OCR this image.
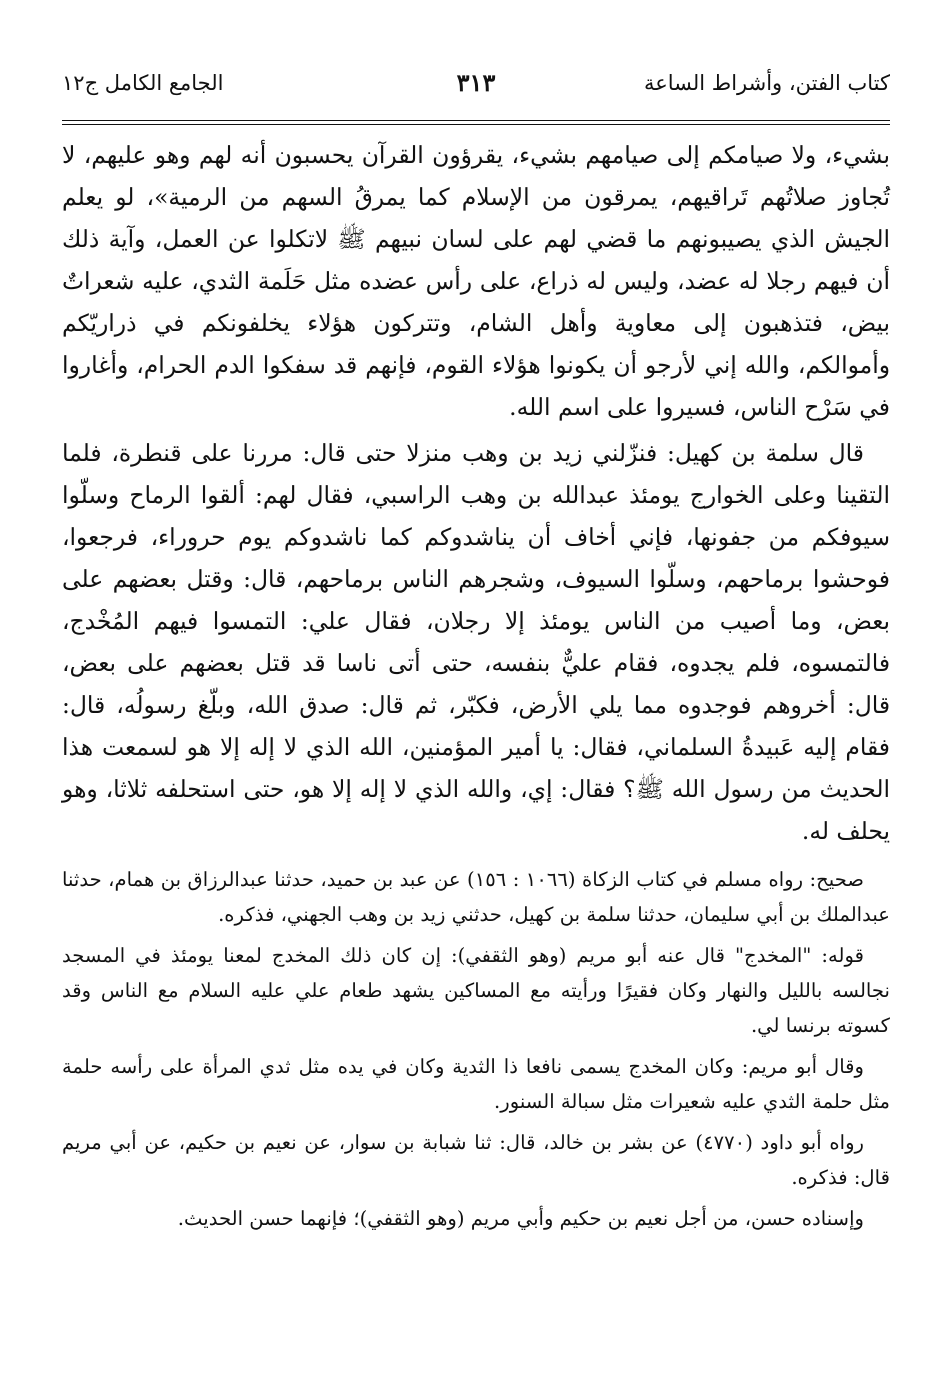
كتاب الفتن، وأشراط الساعة
٣١٣
الجامع الكامل ج١٢

بشيء، ولا صيامكم إلى صيامهم بشيء، يقرؤون القرآن يحسبون أنه لهم وهو عليهم، لا تُجاوز صلاتُهم تَراقيهم، يمرقون من الإسلام كما يمرقُ السهم من الرمية»، لو يعلم الجيش الذي يصيبونهم ما قضي لهم على لسان نبيهم ﷺ لاتكلوا عن العمل، وآية ذلك أن فيهم رجلا له عضد، وليس له ذراع، على رأس عضده مثل حَلَمة الثدي، عليه شعراتٌ بيض، فتذهبون إلى معاوية وأهل الشام، وتتركون هؤلاء يخلفونكم في ذراريّكم وأموالكم، والله إني لأرجو أن يكونوا هؤلاء القوم، فإنهم قد سفكوا الدم الحرام، وأغاروا في سَرْح الناس، فسيروا على اسم الله.

قال سلمة بن كهيل: فنزّلني زيد بن وهب منزلا حتى قال: مررنا على قنطرة، فلما التقينا وعلى الخوارج يومئذ عبدالله بن وهب الراسبي، فقال لهم: ألقوا الرماح وسلّوا سيوفكم من جفونها، فإني أخاف أن يناشدوكم كما ناشدوكم يوم حروراء، فرجعوا، فوحشوا برماحهم، وسلّوا السيوف، وشجرهم الناس برماحهم، قال: وقتل بعضهم على بعض، وما أصيب من الناس يومئذ إلا رجلان، فقال علي: التمسوا فيهم المُخْدج، فالتمسوه، فلم يجدوه، فقام عليٌّ بنفسه، حتى أتى ناسا قد قتل بعضهم على بعض، قال: أخروهم فوجدوه مما يلي الأرض، فكبّر، ثم قال: صدق الله، وبلّغ رسولُه، قال: فقام إليه عَبيدةُ السلماني، فقال: يا أمير المؤمنين، الله الذي لا إله إلا هو لسمعت هذا الحديث من رسول الله ﷺ؟ فقال: إي، والله الذي لا إله إلا هو، حتى استحلفه ثلاثا، وهو يحلف له.

صحيح: رواه مسلم في كتاب الزكاة (١٠٦٦ : ١٥٦) عن عبد بن حميد، حدثنا عبدالرزاق بن همام، حدثنا عبدالملك بن أبي سليمان، حدثنا سلمة بن كهيل، حدثني زيد بن وهب الجهني، فذكره.

قوله: "المخدج" قال عنه أبو مريم (وهو الثقفي): إن كان ذلك المخدج لمعنا يومئذ في المسجد نجالسه بالليل والنهار وكان فقيرًا ورأيته مع المساكين يشهد طعام علي عليه السلام مع الناس وقد كسوته برنسا لي.

وقال أبو مريم: وكان المخدج يسمى نافعا ذا الثدية وكان في يده مثل ثدي المرأة على رأسه حلمة مثل حلمة الثدي عليه شعيرات مثل سبالة السنور.

رواه أبو داود (٤٧٧٠) عن بشر بن خالد، قال: ثنا شبابة بن سوار، عن نعيم بن حكيم، عن أبي مريم قال: فذكره.

وإسناده حسن، من أجل نعيم بن حكيم وأبي مريم (وهو الثقفي)؛ فإنهما حسن الحديث.
